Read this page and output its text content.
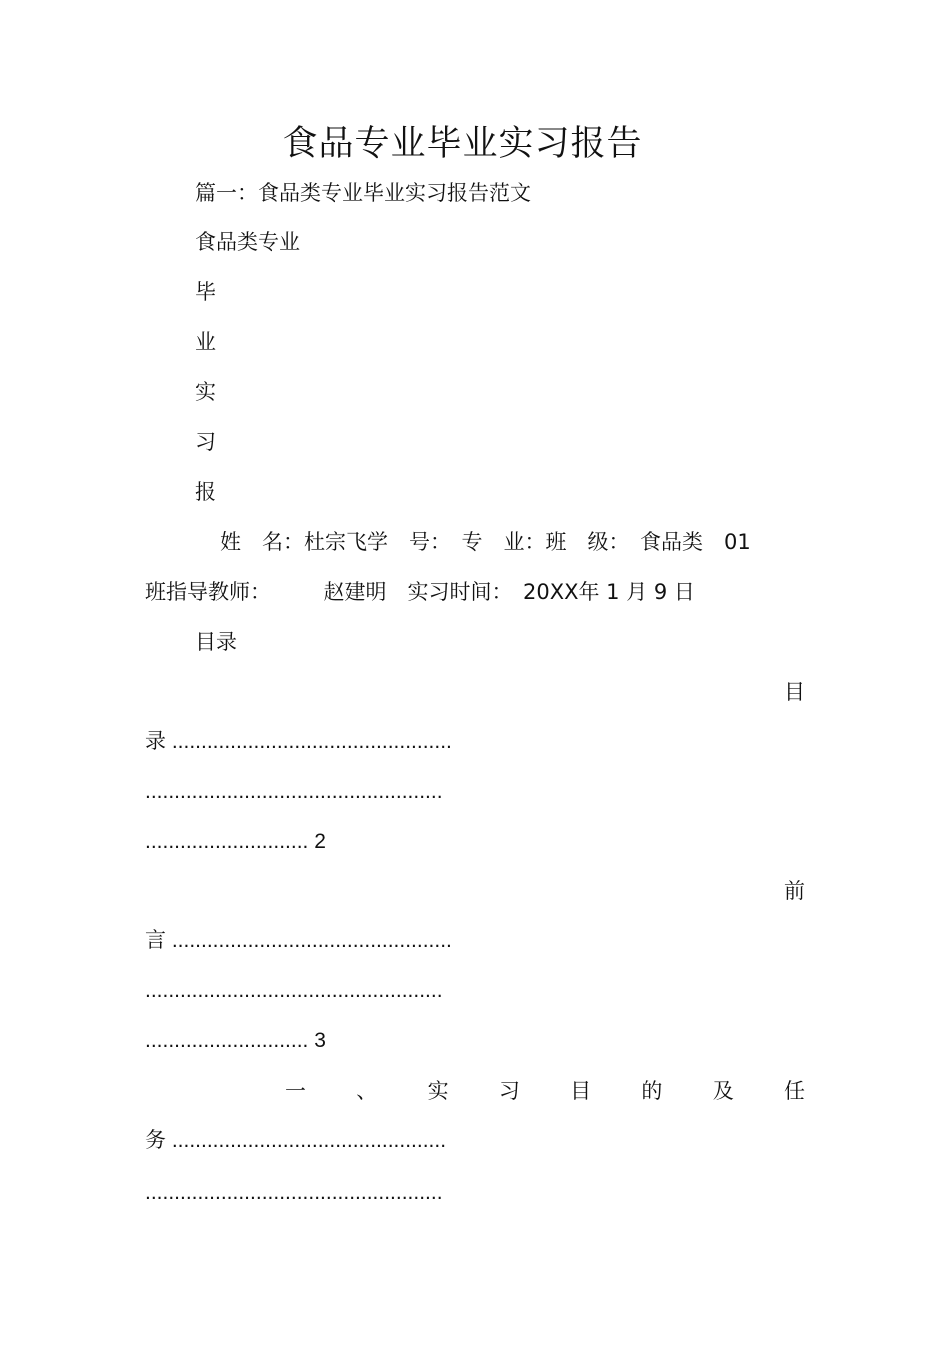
食品专业毕业实习报告
篇一：食品类专业毕业实习报告范文
食品类专业
毕
业
实
习
报
姓　名：杜宗飞学　号：　专　业：班　级：　食品类　01
班指导教师：　　　赵建明　实习时间：　20XX年 1 月 9 日
目录
目
录 ................................................
...................................................
............................ 2
前
言 ................................................
...................................................
............................ 3
一 、 实 习 目 的 及 任
务 ...............................................
...................................................
